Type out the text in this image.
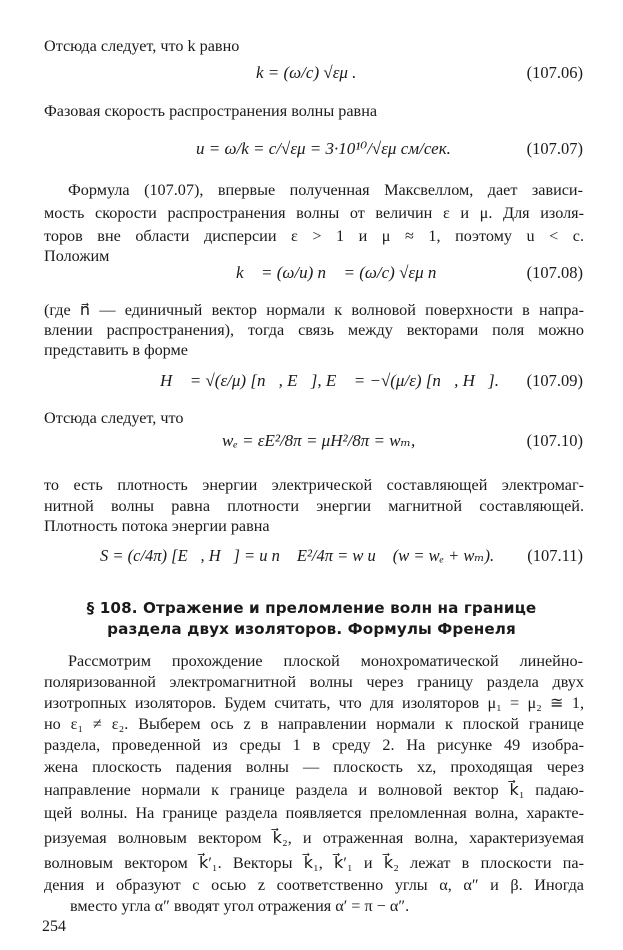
Отсюда следует, что k равно
k = (ω/c) √εμ .	(107.06)
Фазовая скорость распространения волны равна
u = ω/k = c/√εμ = 3·10¹⁰/√εμ см/сек.	(107.07)
Формула (107.07), впервые полученная Максвеллом, дает зависи-
мость скорости распространения волны от величин ε и μ. Для изоля-
торов вне области дисперсии ε > 1 и μ ≈ 1, поэтому u < c.
Положим
k⃗ = (ω/u) n⃗ = (ω/c) √εμ n⃗	(107.08)
(где n⃗ — единичный вектор нормали к волновой поверхности в напра-
влении распространения), тогда связь между векторами поля можно
представить в форме
H⃗ = √(ε/μ) [n⃗, E⃗], E⃗ = −√(μ/ε) [n⃗, H⃗]. (107.09)
Отсюда следует, что
wₑ = εE²/8π = μH²/8π = wₘ,	(107.10)
то есть плотность энергии электрической составляющей электромаг-
нитной волны равна плотности энергии магнитной составляющей.
Плотность потока энергии равна
S = (c/4π) [E⃗, H⃗] = u n⃗ E²/4π = w u⃗ (w = wₑ + wₘ). (107.11)
§ 108. Отражение и преломление волн на границе
раздела двух изоляторов. Формулы Френеля
Рассмотрим прохождение плоской монохроматической линейно-
поляризованной электромагнитной волны через границу раздела двух
изотропных изоляторов. Будем считать, что для изоляторов μ₁ = μ₂ ≅ 1,
но ε₁ ≠ ε₂. Выберем ось z в направлении нормали к плоской границе
раздела, проведенной из среды 1 в среду 2. На рисунке 49 изобра-
жена плоскость падения волны — плоскость xz, проходящая через
направление нормали к границе раздела и волновой вектор k⃗₁ падаю-
щей волны. На границе раздела появляется преломленная волна, характе-
ризуемая волновым вектором k⃗₂, и отраженная волна, характеризуемая
волновым вектором k⃗′₁. Векторы k⃗₁, k⃗′₁ и k⃗₂ лежат в плоскости па-
дения и образуют с осью z соответственно углы α, α″ и β. Иногда
вместо угла α″ вводят угол отражения α′ = π − α″.
254
